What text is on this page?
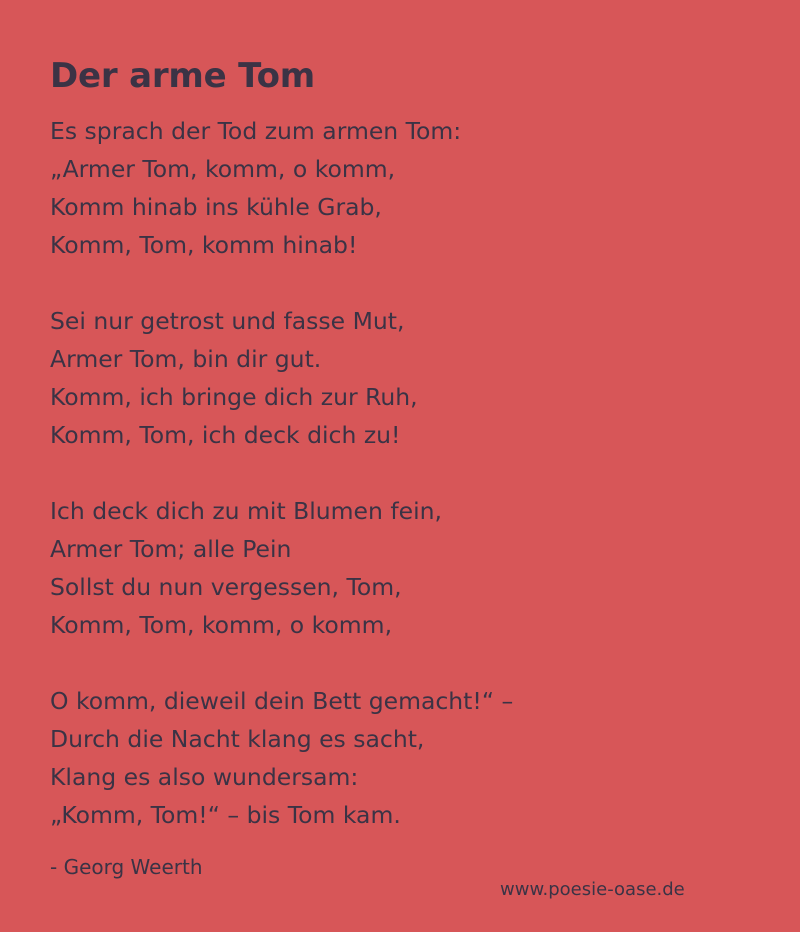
Der arme Tom
Es sprach der Tod zum armen Tom:
„Armer Tom, komm, o komm,
Komm hinab ins kühle Grab,
Komm, Tom, komm hinab!
Sei nur getrost und fasse Mut,
Armer Tom, bin dir gut.
Komm, ich bringe dich zur Ruh,
Komm, Tom, ich deck dich zu!
Ich deck dich zu mit Blumen fein,
Armer Tom; alle Pein
Sollst du nun vergessen, Tom,
Komm, Tom, komm, o komm,
O komm, dieweil dein Bett gemacht!“ –
Durch die Nacht klang es sacht,
Klang es also wundersam:
„Komm, Tom!“ – bis Tom kam.
- Georg Weerth
www.poesie-oase.de
